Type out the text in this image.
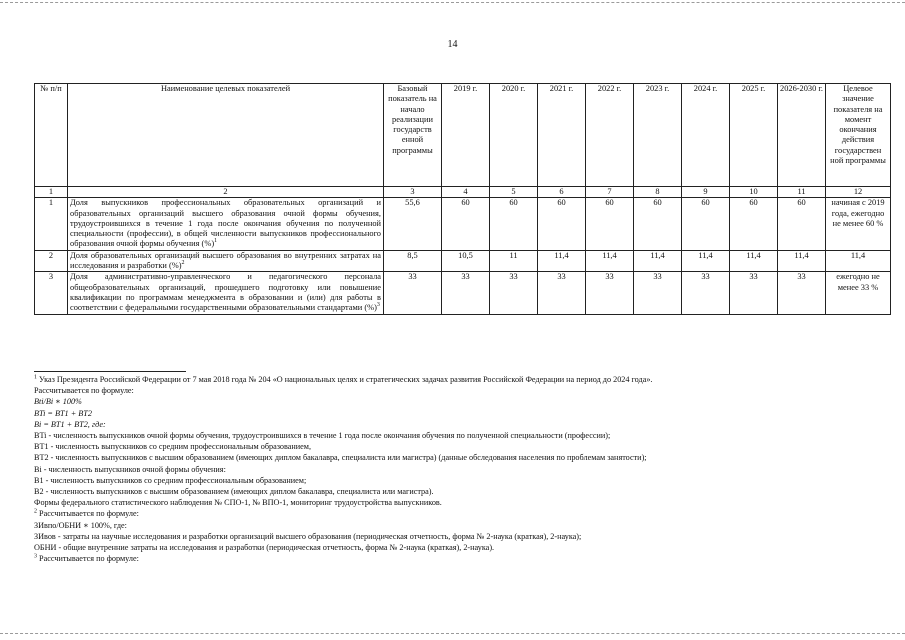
14
№ п/п	Наименование целевых показателей	Базовый показатель на начало реализации государств енной программы	2019 г.	2020 г.	2021 г.	2022 г.	2023 г.	2024 г.	2025 г.	2026-2030 г.	Целевое значение показателя на момент окончания действия государствен ной программы
1	2	3	4	5	6	7	8	9	10	11	12
1	Доля выпускников профессиональных образовательных организаций и образовательных организаций высшего образования очной формы обучения, трудоустроившихся в течение 1 года после окончания обучения по полученной специальности (профессии), в общей численности выпускников профессионального образования очной формы обучения (%)$^1$	55,6	60	60	60	60	60	60	60	60	начиная с 2019 года, ежегодно не менее 60 %
2	Доля образовательных организаций высшего образования во внутренних затратах на исследования и разработки (%)$^2$	8,5	10,5	11	11,4	11,4	11,4	11,4	11,4	11,4	11,4
3	Доля административно-управленческого и педагогического персонала общеобразовательных организаций, прошедшего подготовку или повышение квалификации по программам менеджмента в образовании и (или) для работы в соответствии с федеральными государственными образовательными стандартами (%)$^3$	33	33	33	33	33	33	33	33	33	ежегодно не менее 33 %

$^1$ Указ Президента Российской Федерации от 7 мая 2018 года № 204 «О национальных целях и стратегических задачах развития Российской Федерации на период до 2024 года».

Рассчитывается по формуле:

Bti/Bi ∗ 100%

BTi = BT1 + BT2

Bi = BT1 + BT2, где:

BTi - численность выпускников очной формы обучения, трудоустроившихся в течение 1 года после окончания обучения по полученной специальности (профессии);

BT1 - численность выпускников со средним профессиональным образованием,

BT2 - численность выпускников с высшим образованием (имеющих диплом бакалавра, специалиста или магистра) (данные обследования населения по проблемам занятости);

Bi - численность выпускников очной формы обучения:

B1 - численность выпускников со средним профессиональным образованием;

B2 - численность выпускников с высшим образованием (имеющих диплом бакалавра, специалиста или магистра).

Формы федерального статистического наблюдения № СПО-1, № ВПО-1, мониторинг трудоустройства выпускников.

$^2$ Рассчитывается по формуле:

ЗИвпо/ОБНИ ∗ 100%, где:

ЗИвов - затраты на научные исследования и разработки организаций высшего образования (периодическая отчетность, форма № 2-наука (краткая), 2-наука);

ОБНИ - общие внутренние затраты на исследования и разработки (периодическая отчетность, форма № 2-наука (краткая), 2-наука).

$^3$ Рассчитывается по формуле:
